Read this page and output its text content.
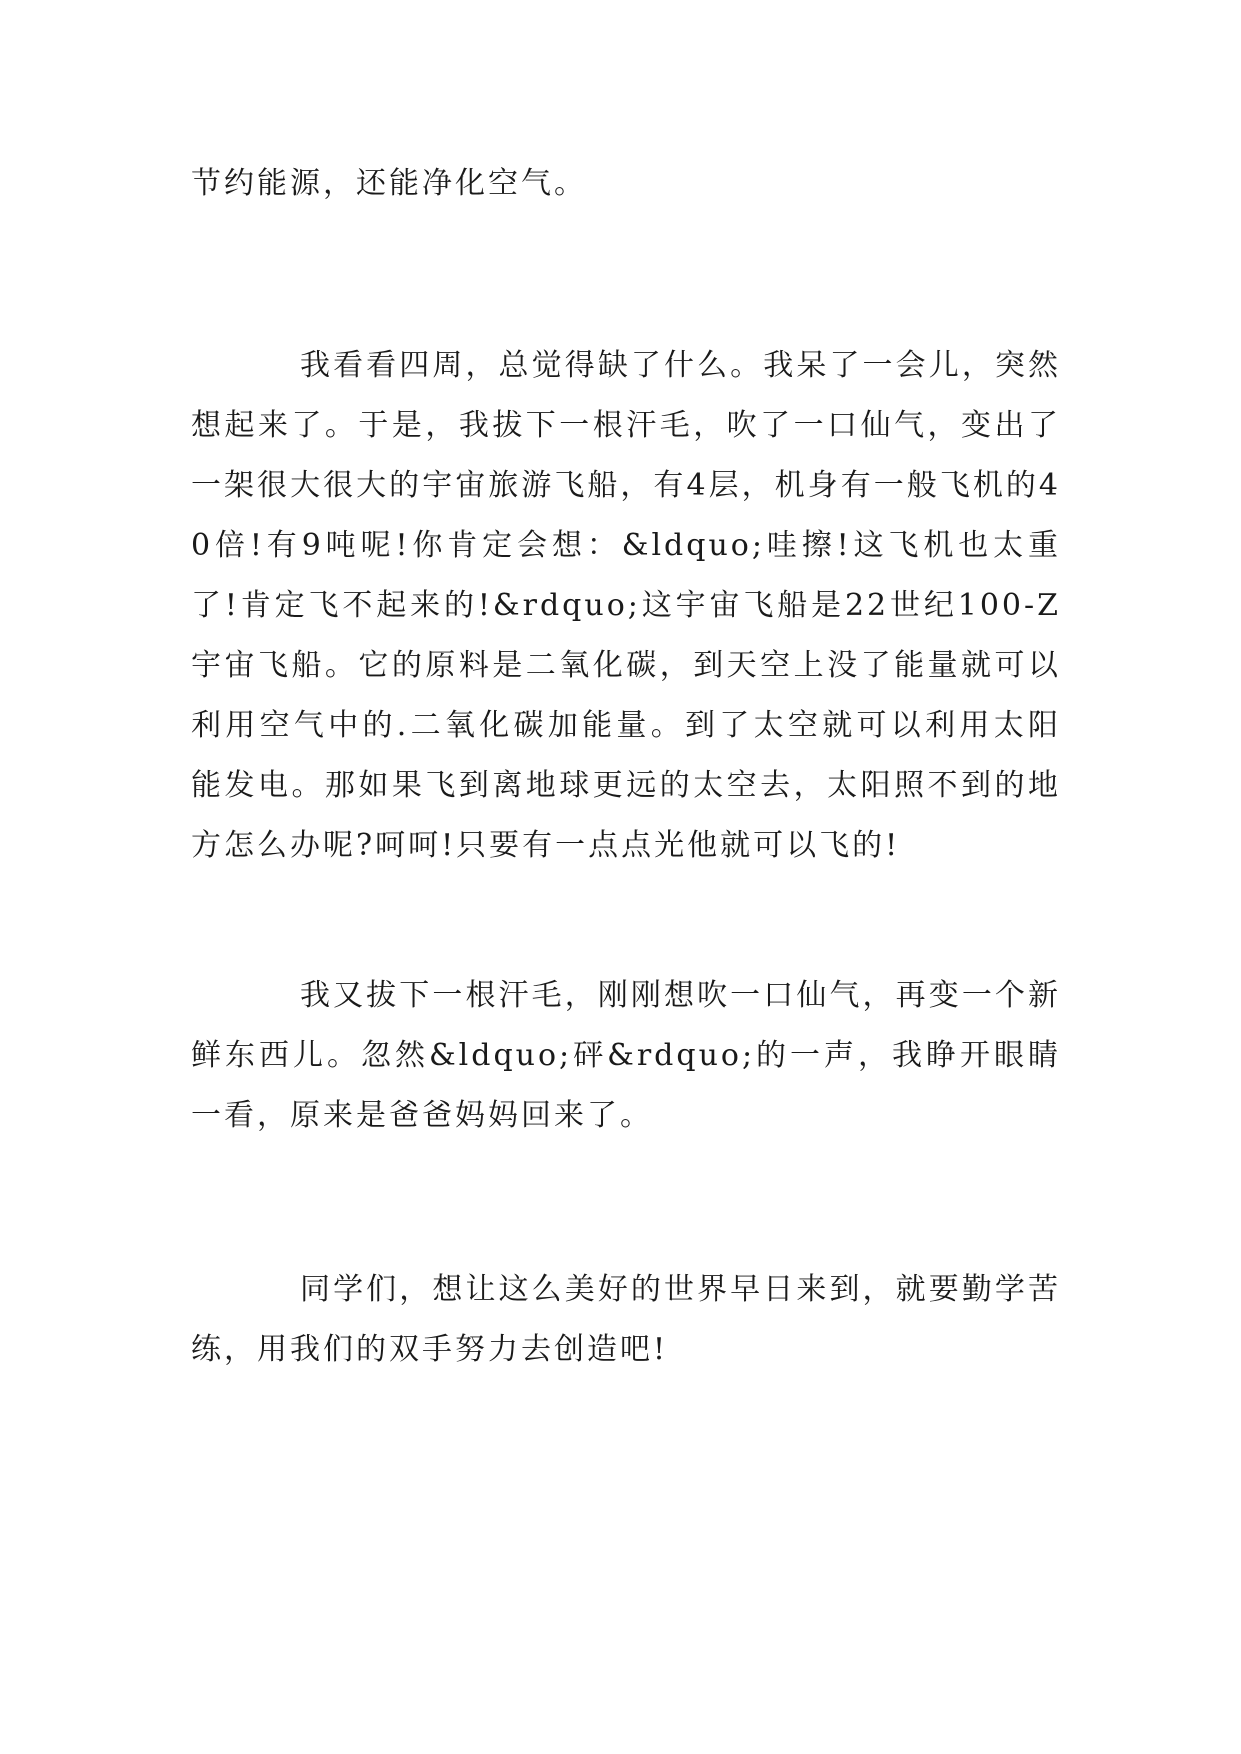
节约能源，还能净化空气。

我看看四周，总觉得缺了什么。我呆了一会儿，突然想起来了。于是，我拔下一根汗毛，吹了一口仙气，变出了一架很大很大的宇宙旅游飞船，有4层，机身有一般飞机的40倍!有9吨呢!你肯定会想：&ldquo;哇擦!这飞机也太重了!肯定飞不起来的!&rdquo;这宇宙飞船是22世纪100-Z宇宙飞船。它的原料是二氧化碳，到天空上没了能量就可以利用空气中的.二氧化碳加能量。到了太空就可以利用太阳能发电。那如果飞到离地球更远的太空去，太阳照不到的地方怎么办呢?呵呵!只要有一点点光他就可以飞的!

我又拔下一根汗毛，刚刚想吹一口仙气，再变一个新鲜东西儿。忽然&ldquo;砰&rdquo;的一声，我睁开眼睛一看，原来是爸爸妈妈回来了。

同学们，想让这么美好的世界早日来到，就要勤学苦练，用我们的双手努力去创造吧!
